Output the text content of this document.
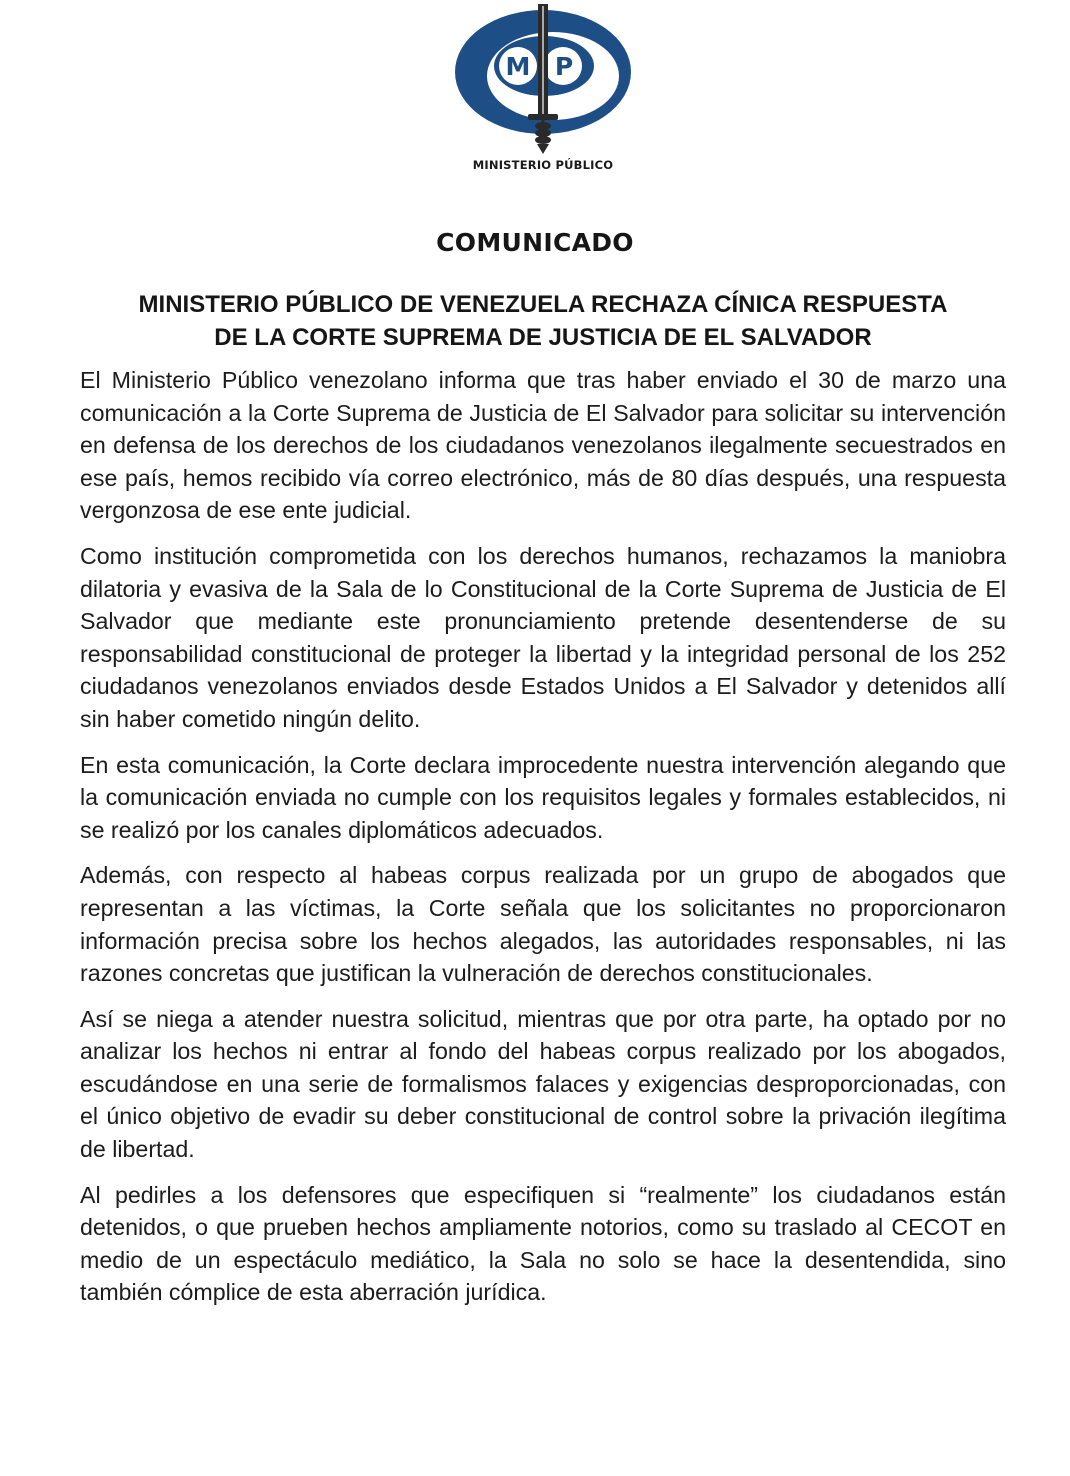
M P
MINISTERIO PÚBLICO
COMUNICADO
MINISTERIO PÚBLICO DE VENEZUELA RECHAZA CÍNICA RESPUESTA
DE LA CORTE SUPREMA DE JUSTICIA DE EL SALVADOR

El Ministerio Público venezolano informa que tras haber enviado el 30 de marzo una comunicación a la Corte Suprema de Justicia de El Salvador para solicitar su intervención en defensa de los derechos de los ciudadanos venezolanos ilegalmente secuestrados en ese país, hemos recibido vía correo electrónico, más de 80 días después, una respuesta vergonzosa de ese ente judicial.

Como institución comprometida con los derechos humanos, rechazamos la maniobra dilatoria y evasiva de la Sala de lo Constitucional de la Corte Suprema de Justicia de El Salvador que mediante este pronunciamiento pretende desentenderse de su responsabilidad constitucional de proteger la libertad y la integridad personal de los 252 ciudadanos venezolanos enviados desde Estados Unidos a El Salvador y detenidos allí sin haber cometido ningún delito.

En esta comunicación, la Corte declara improcedente nuestra intervención alegando que la comunicación enviada no cumple con los requisitos legales y formales establecidos, ni se realizó por los canales diplomáticos adecuados.

Además, con respecto al habeas corpus realizada por un grupo de abogados que representan a las víctimas, la Corte señala que los solicitantes no proporcionaron información precisa sobre los hechos alegados, las autoridades responsables, ni las razones concretas que justifican la vulneración de derechos constitucionales.

Así se niega a atender nuestra solicitud, mientras que por otra parte, ha optado por no analizar los hechos ni entrar al fondo del habeas corpus realizado por los abogados, escudándose en una serie de formalismos falaces y exigencias desproporcionadas, con el único objetivo de evadir su deber constitucional de control sobre la privación ilegítima de libertad.

Al pedirles a los defensores que especifiquen si “realmente” los ciudadanos están detenidos, o que prueben hechos ampliamente notorios, como su traslado al CECOT en medio de un espectáculo mediático, la Sala no solo se hace la desentendida, sino también cómplice de esta aberración jurídica.
